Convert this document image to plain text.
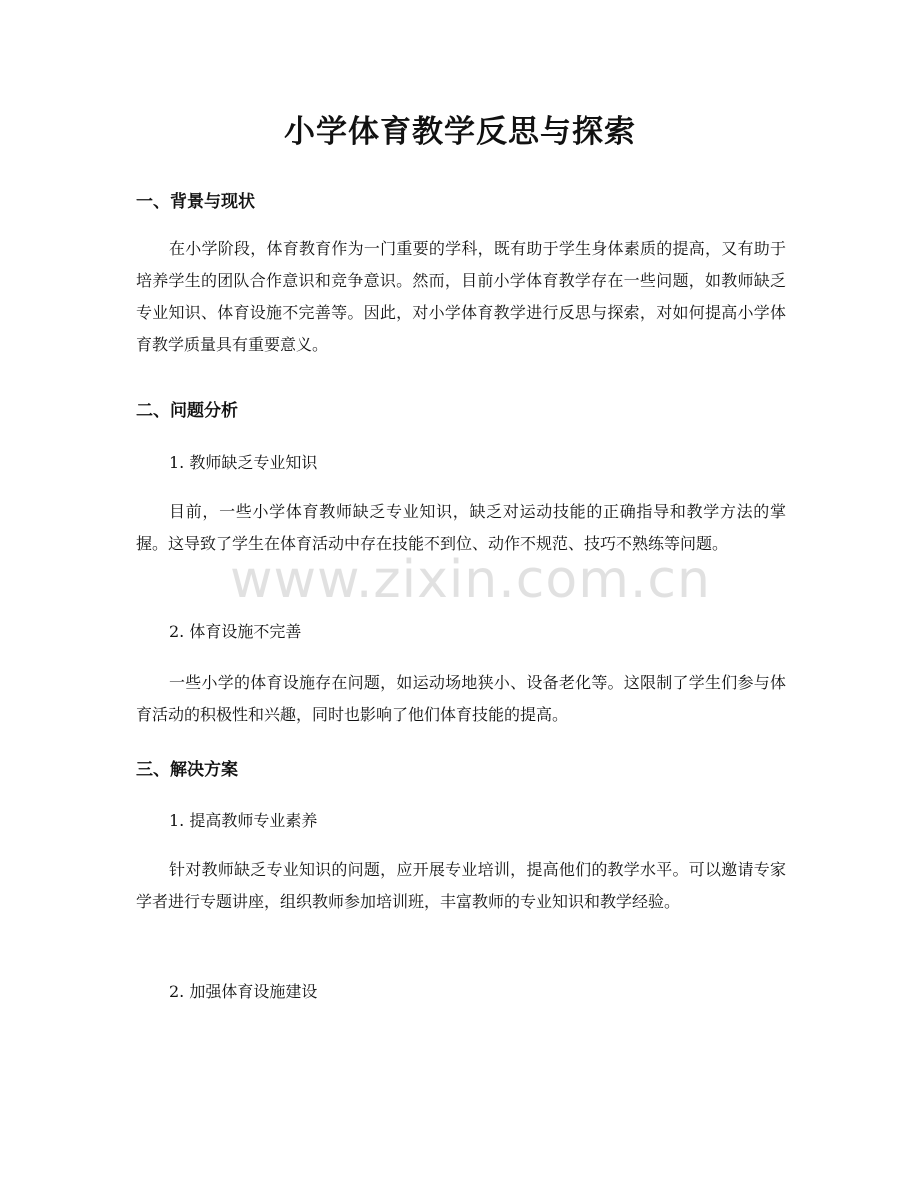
小学体育教学反思与探索
一、背景与现状
在小学阶段，体育教育作为一门重要的学科，既有助于学生身体素质的提高，又有助于培养学生的团队合作意识和竞争意识。然而，目前小学体育教学存在一些问题，如教师缺乏专业知识、体育设施不完善等。因此，对小学体育教学进行反思与探索，对如何提高小学体育教学质量具有重要意义。
二、问题分析
1. 教师缺乏专业知识
目前，一些小学体育教师缺乏专业知识，缺乏对运动技能的正确指导和教学方法的掌握。这导致了学生在体育活动中存在技能不到位、动作不规范、技巧不熟练等问题。
2. 体育设施不完善
一些小学的体育设施存在问题，如运动场地狭小、设备老化等。这限制了学生们参与体育活动的积极性和兴趣，同时也影响了他们体育技能的提高。
三、解决方案
1. 提高教师专业素养
针对教师缺乏专业知识的问题，应开展专业培训，提高他们的教学水平。可以邀请专家学者进行专题讲座，组织教师参加培训班，丰富教师的专业知识和教学经验。
2. 加强体育设施建设
www.zixin.com.cn
